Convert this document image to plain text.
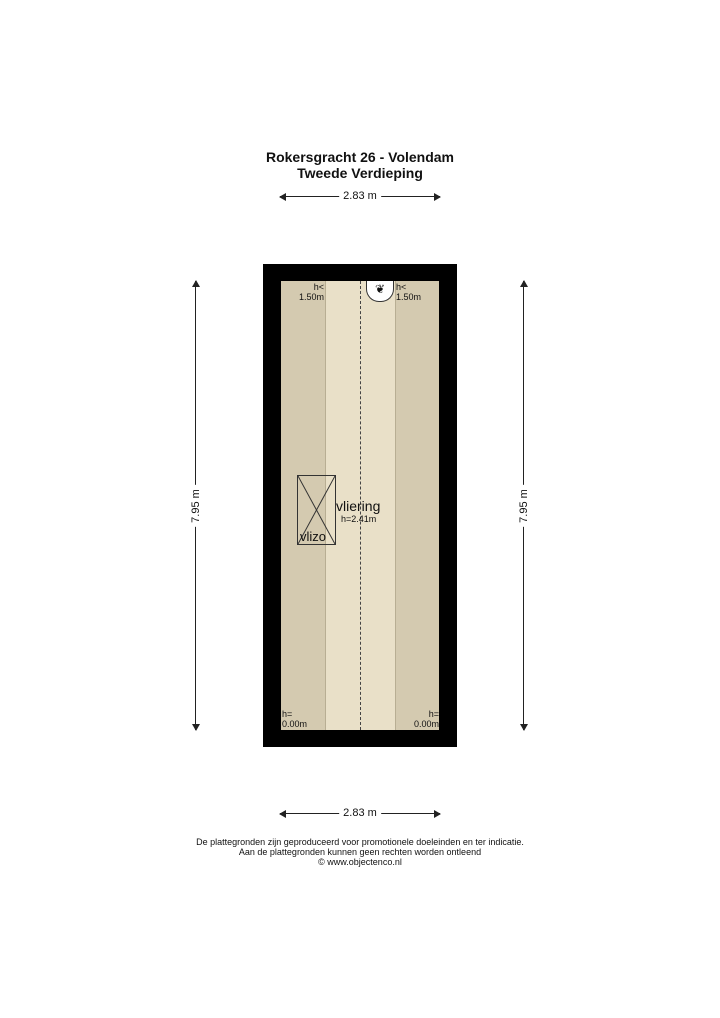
Rokersgracht 26 - Volendam
Tweede Verdieping
2.83 m
7.95 m	7.95 m
❦
h<
1.50m
h<
1.50m
h=
0.00m
h=
0.00m
vlizo
vliering
h=2.41m
2.83 m
De plattegronden zijn geproduceerd voor promotionele doeleinden en ter indicatie.
Aan de plattegronden kunnen geen rechten worden ontleend
© www.objectenco.nl
